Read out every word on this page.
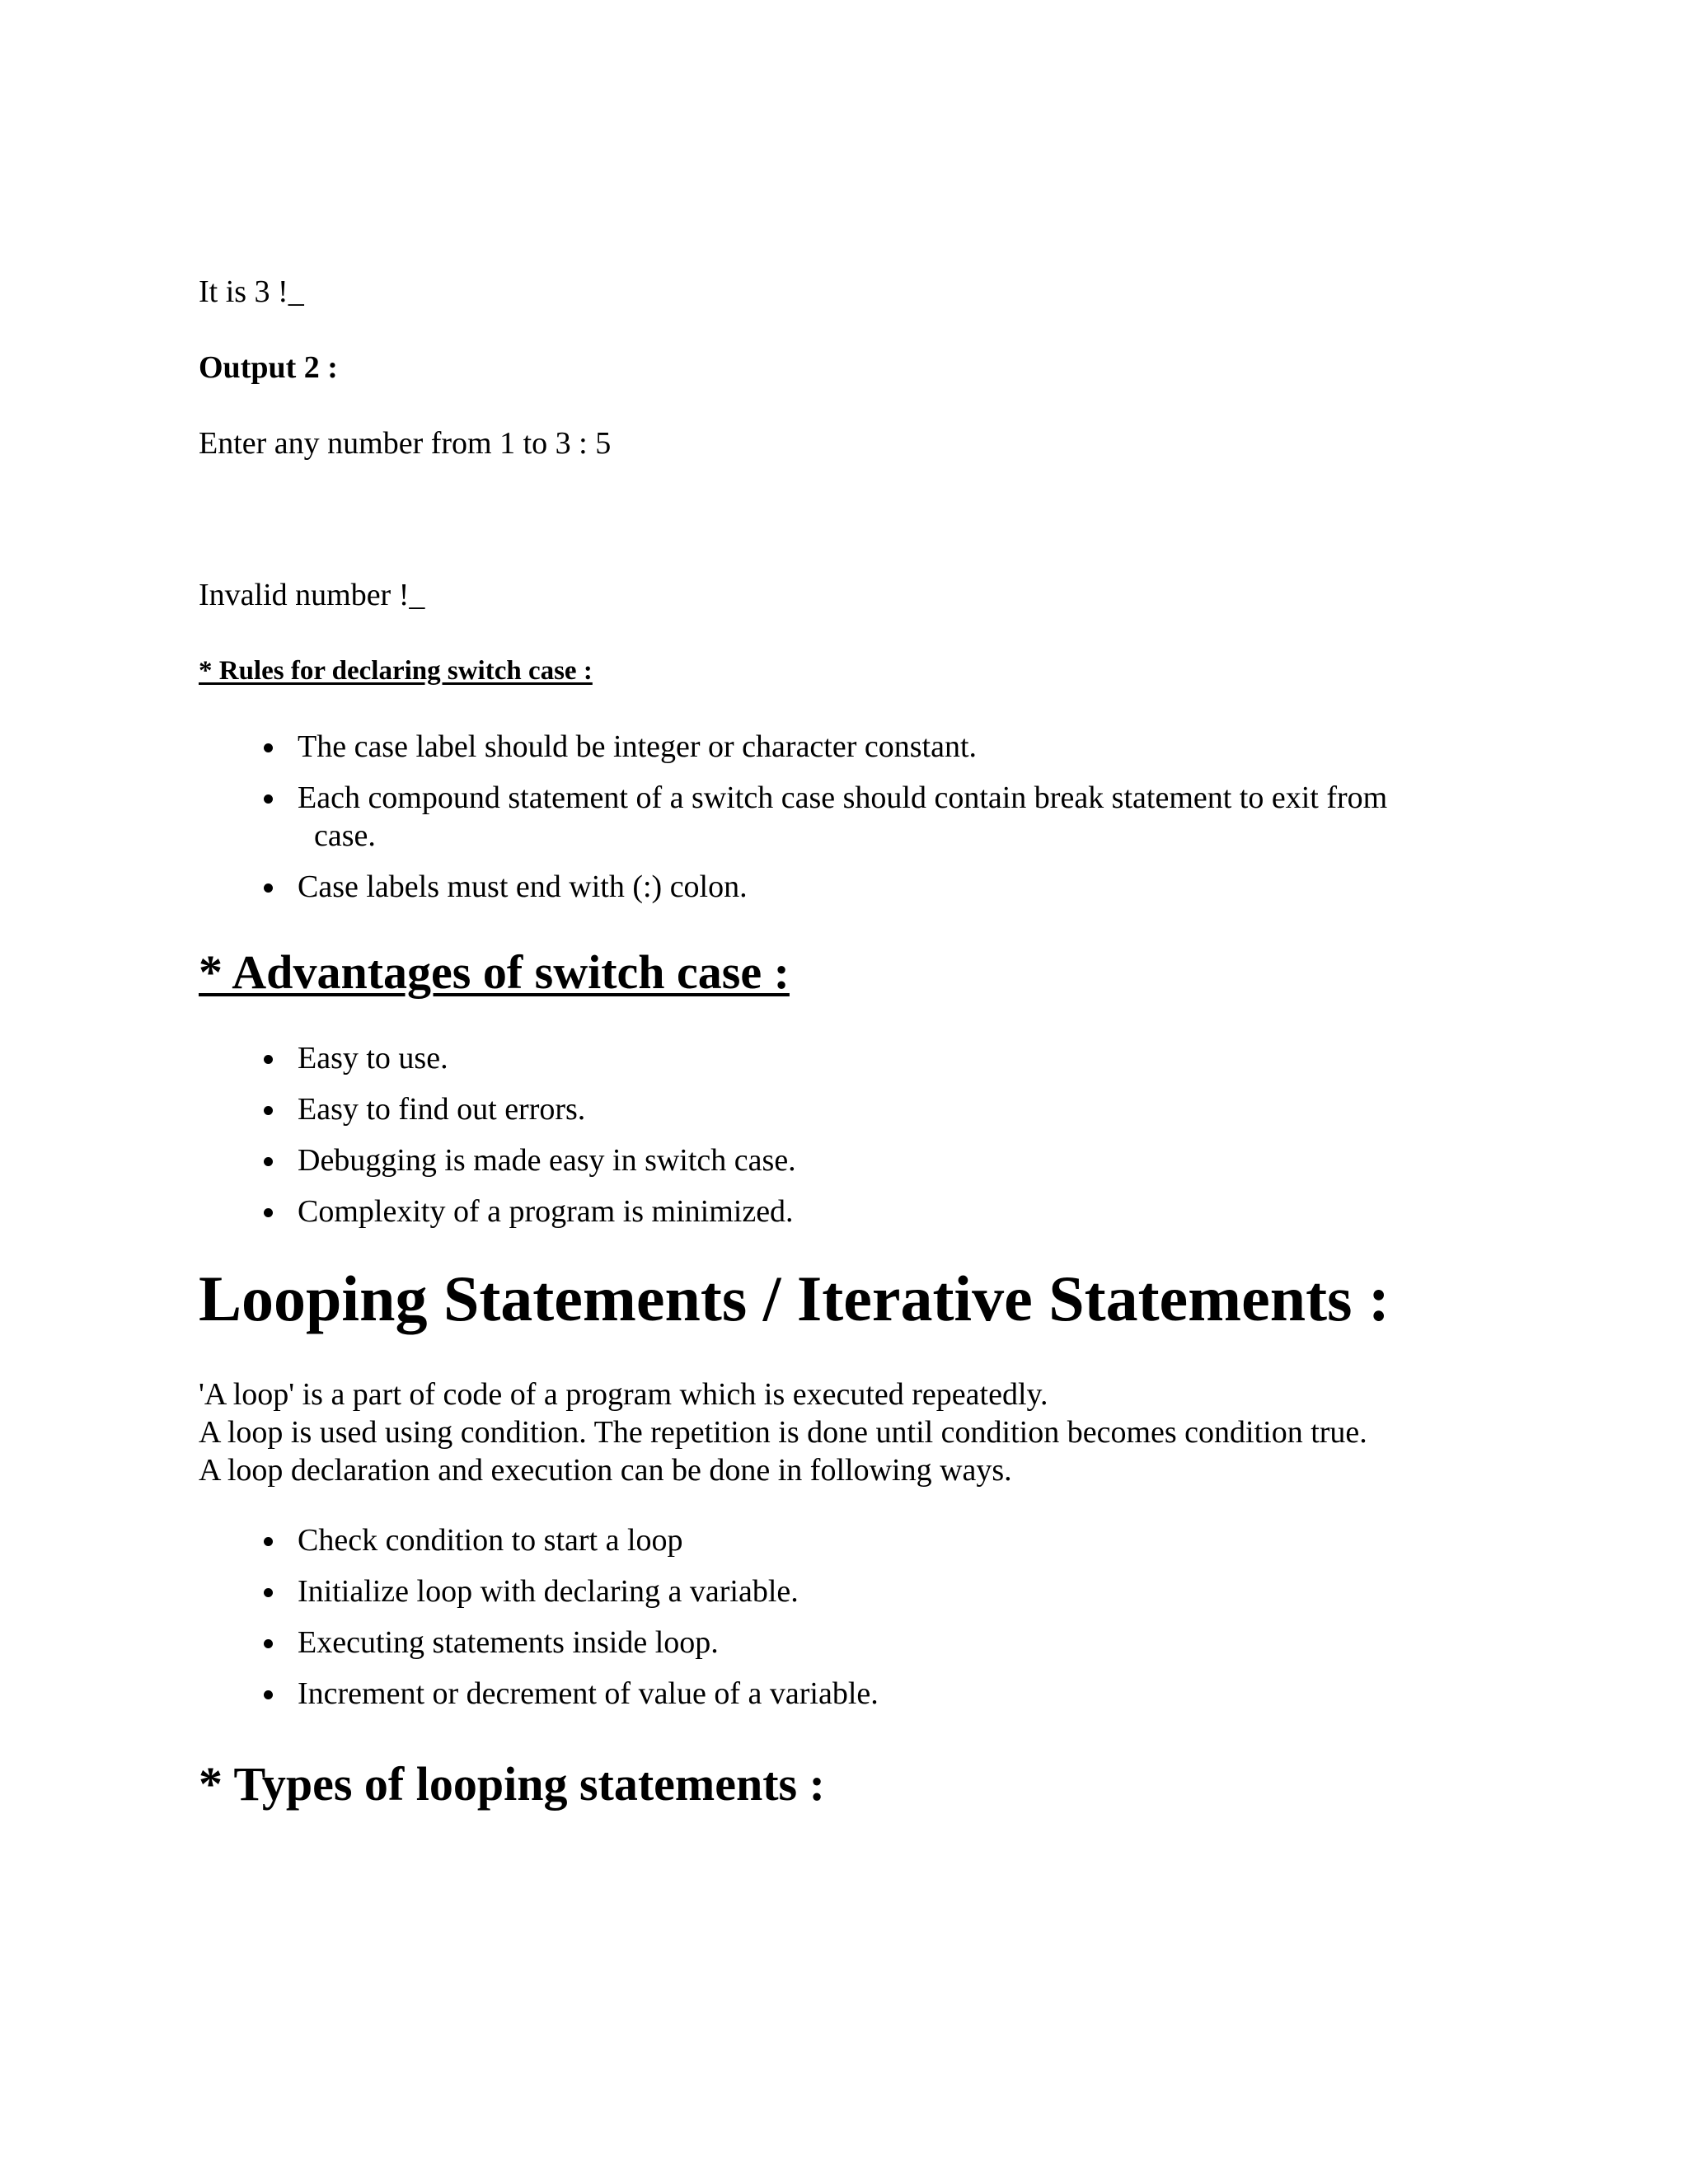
It is 3 !_

Output 2 :

Enter any number from 1 to 3 : 5

Invalid number !_

* Rules for declaring switch case :

The case label should be integer or character constant.
Each compound statement of a switch case should contain break statement to exit from
case.
Case labels must end with (:) colon.
* Advantages of switch case :
Easy to use.
Easy to find out errors.
Debugging is made easy in switch case.
Complexity of a program is minimized.
Looping Statements / Iterative Statements :
'A loop' is a part of code of a program which is executed repeatedly.
A loop is used using condition. The repetition is done until condition becomes condition true.
A loop declaration and execution can be done in following ways.
Check condition to start a loop
Initialize loop with declaring a variable.
Executing statements inside loop.
Increment or decrement of value of a variable.
* Types of looping statements :
